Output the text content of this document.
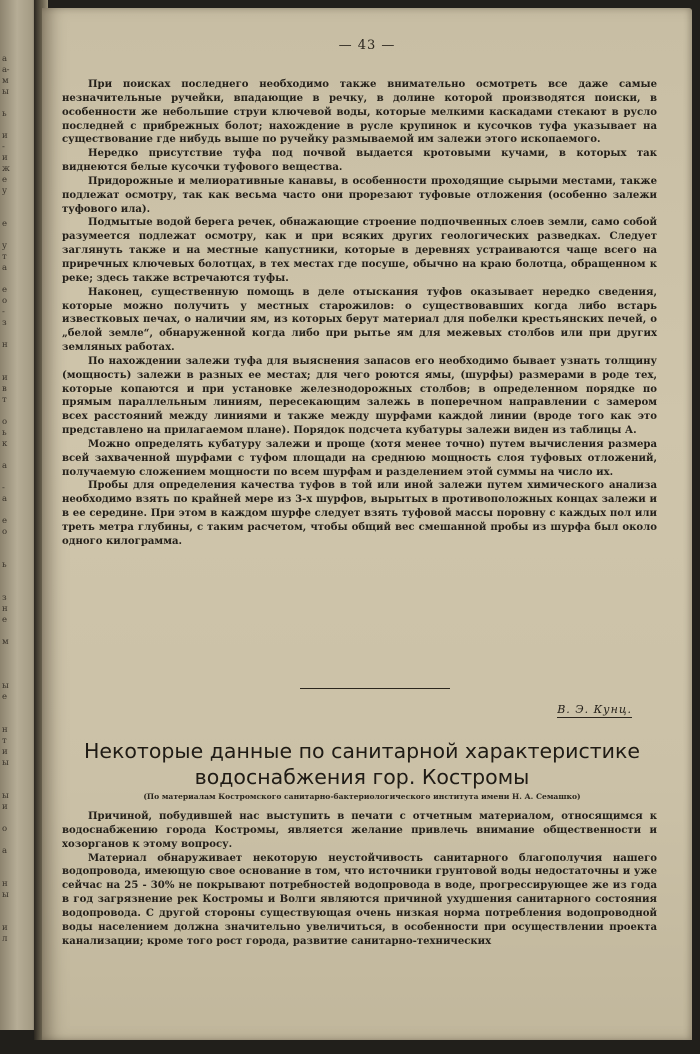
а
а-
м
ы

ь

и
-
и
ж
е
у

е

у
т
а

е
о
-
з

н

и
в
т

о
ь
к

а

-
а

е
о

ь

з
н
е

м

ы
е

н
т
и
ы

ы
и

о

а

н
ы

и
л
— 43 —

При поисках последнего необходимо также внимательно осмотреть все даже самые незначительные ручейки, впадающие в речку, в долине которой производятся поиски, в особенности же небольшие струи ключевой воды, которые мелкими каскадами стекают в русло последней с прибрежных болот; нахождение в русле крупинок и кусочков туфа указывает на существование где нибудь выше по ручейку размываемой им залежи этого ископаемого.

Нередко присутствие туфа под почвой выдается кротовыми кучами, в которых так виднеются белые кусочки туфового вещества.

Придорожные и мелиоративные канавы, в особенности проходящие сырыми местами, также подлежат осмотру, так как весьма часто они прорезают туфовые отложения (особенно залежи туфового ила).

Подмытые водой берега речек, обнажающие строение подпочвенных слоев земли, само собой разумеется подлежат осмотру, как и при всяких других геологических разведках. Следует заглянуть также и на местные капустники, которые в деревнях устраиваются чаще всего на приречных ключевых болотцах, в тех местах где посуше, обычно на краю болотца, обращенном к реке; здесь также встречаются туфы.

Наконец, существенную помощь в деле отыскания туфов оказывает нередко сведения, которые можно получить у местных старожилов: о существовавших когда либо встарь известковых печах, о наличии ям, из которых берут материал для побелки крестьянских печей, о „белой земле“, обнаруженной когда либо при рытье ям для межевых столбов или при других земляных работах.

По нахождении залежи туфа для выяснения запасов его необходимо бывает узнать толщину (мощность) залежи в разных ее местах; для чего роются ямы, (шурфы) размерами в роде тех, которые копаются и при установке железнодорожных столбов; в определенном порядке по прямым параллельным линиям, пересекающим залежь в поперечном направлении с замером всех расстояний между линиями и также между шурфами каждой линии (вроде того как это представлено на прилагаемом плане). Порядок подсчета кубатуры залежи виден из таблицы А.

Можно определять кубатуру залежи и проще (хотя менее точно) путем вычисления размера всей захваченной шурфами с туфом площади на среднюю мощность слоя туфовых отложений, получаемую сложением мощности по всем шурфам и разделением этой суммы на число их.

Пробы для определения качества туфов в той или иной залежи путем химического анализа необходимо взять по крайней мере из 3-х шурфов, вырытых в противоположных концах залежи и в ее середине. При этом в каждом шурфе следует взять туфовой массы поровну с каждых пол или треть метра глубины, с таким расчетом, чтобы общий вес смешанной пробы из шурфа был около одного килограмма.

В. Э. Кунц.
Некоторые данные по санитарной характеристике
водоснабжения гор. Костромы
(По материалам Костромского санитарно-бактериологического института имени Н. А. Семашко)

Причиной, побудившей нас выступить в печати с отчетным материалом, относящимся к водоснабжению города Костромы, является желание привлечь внимание общественности и хозорганов к этому вопросу.

Материал обнаруживает некоторую неустойчивость санитарного благополучия нашего водопровода, имеющую свое основание в том, что источники грунтовой воды недостаточны и уже сейчас на 25 - 30% не покрывают потребностей водопровода в воде, прогрессирующее же из года в год загрязнение рек Костромы и Волги являются причиной ухудшения санитарного состояния водопровода. С другой стороны существующая очень низкая норма потребления водопроводной воды населением должна значительно увеличиться, в особенности при осуществлении проекта канализации; кроме того рост города, развитие санитарно-технических
